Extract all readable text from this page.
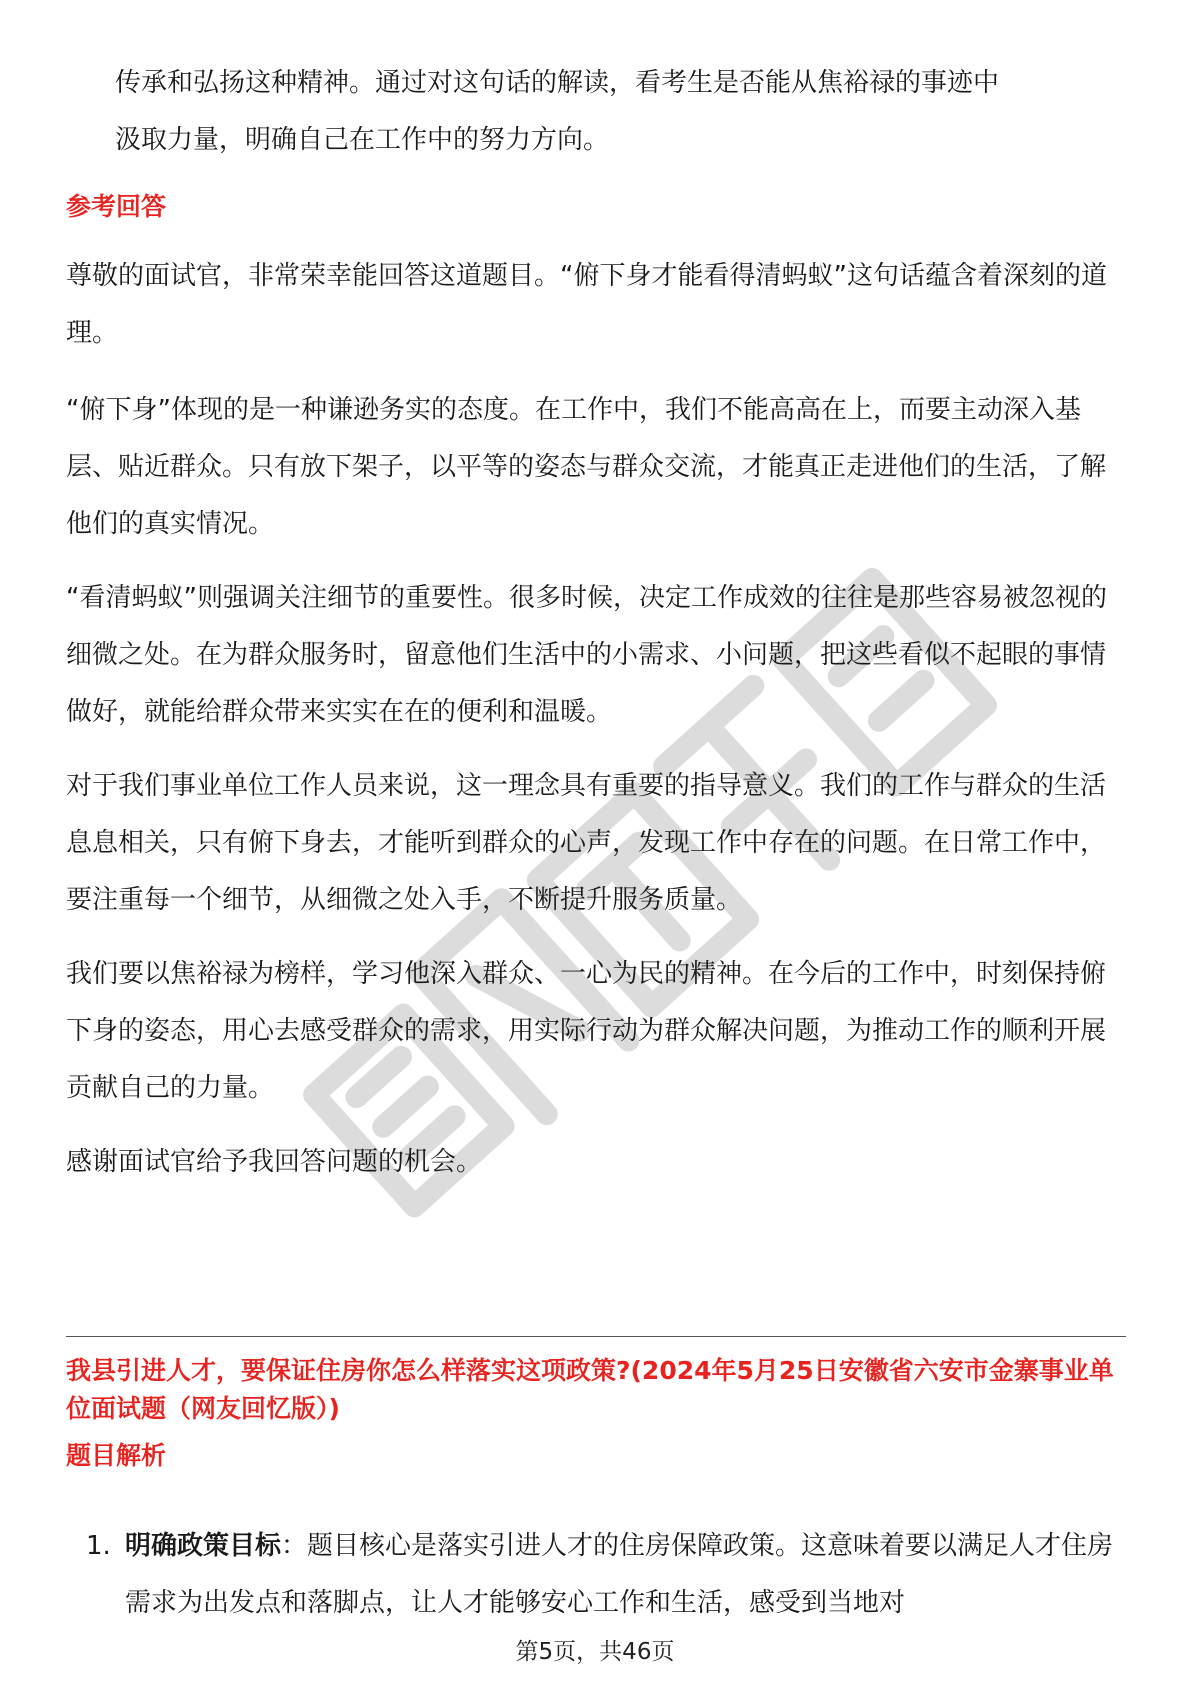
传承和弘扬这种精神。通过对这句话的解读，看考生是否能从焦裕禄的事迹中

汲取力量，明确自己在工作中的努力方向。

参考回答

尊敬的面试官，非常荣幸能回答这道题目。“俯下身才能看得清蚂蚁”这句话蕴含着深刻的道理。

“俯下身”体现的是一种谦逊务实的态度。在工作中，我们不能高高在上，而要主动深入基层、贴近群众。只有放下架子，以平等的姿态与群众交流，才能真正走进他们的生活，了解他们的真实情况。

“看清蚂蚁”则强调关注细节的重要性。很多时候，决定工作成效的往往是那些容易被忽视的细微之处。在为群众服务时，留意他们生活中的小需求、小问题，把这些看似不起眼的事情做好，就能给群众带来实实在在的便利和温暖。

对于我们事业单位工作人员来说，这一理念具有重要的指导意义。我们的工作与群众的生活息息相关，只有俯下身去，才能听到群众的心声，发现工作中存在的问题。在日常工作中，要注重每一个细节，从细微之处入手，不断提升服务质量。

我们要以焦裕禄为榜样，学习他深入群众、一心为民的精神。在今后的工作中，时刻保持俯下身的姿态，用心去感受群众的需求，用实际行动为群众解决问题，为推动工作的顺利开展贡献自己的力量。

感谢面试官给予我回答问题的机会。

我县引进人才，要保证住房你怎么样落实这项政策?(2024年5月25日安徽省六安市金寨事业单位面试题（网友回忆版）)

题目解析

1. 明确政策目标：题目核心是落实引进人才的住房保障政策。这意味着要以满足人才住房需求为出发点和落脚点，让人才能够安心工作和生活，感受到当地对
第5页，共46页
